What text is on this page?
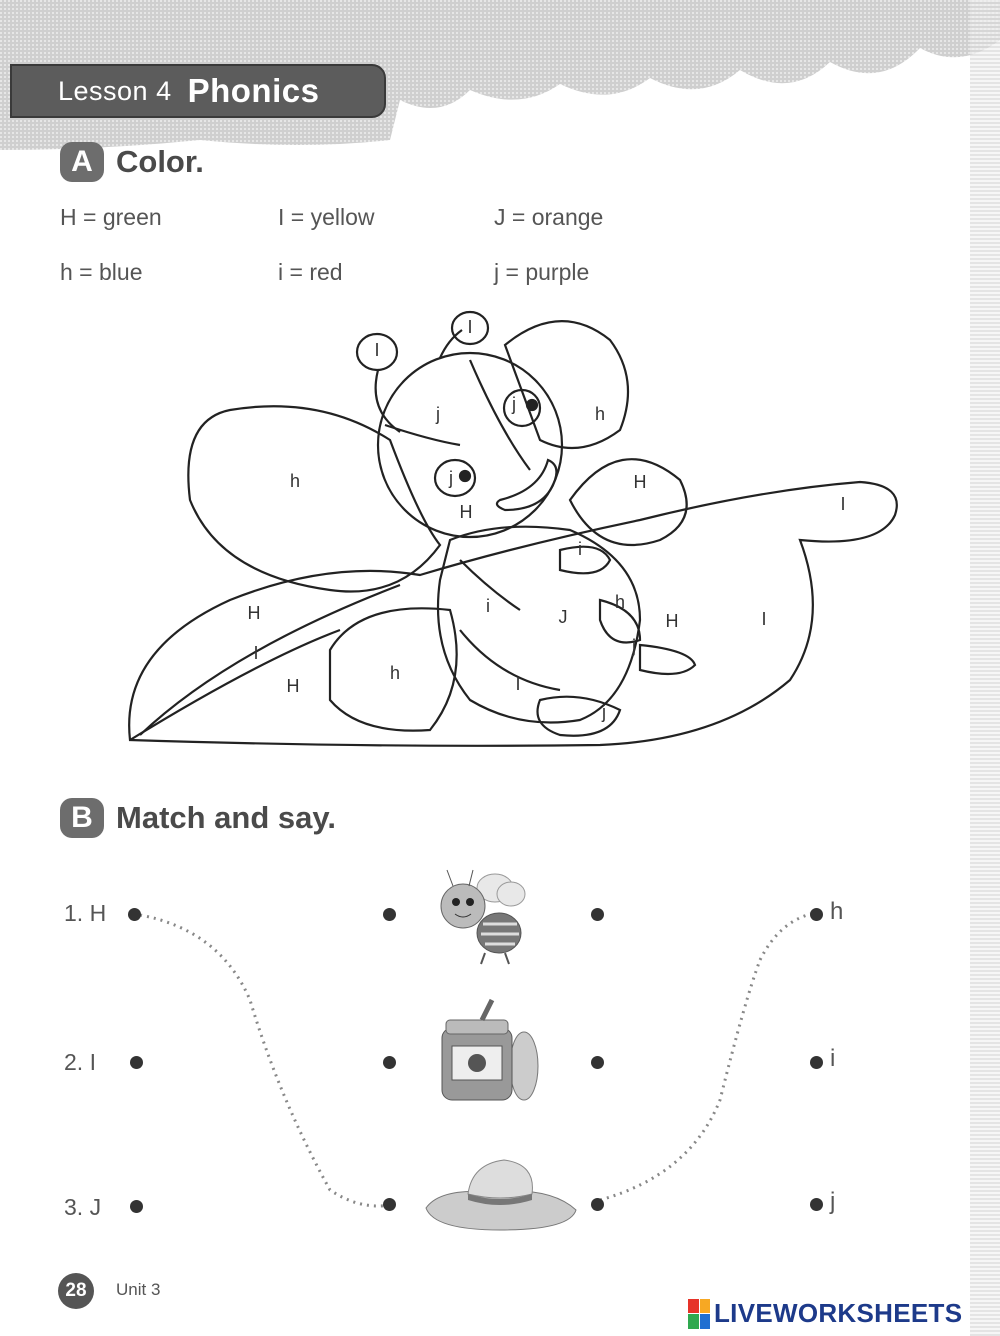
Lesson 4 Phonics
A Color.
H = green	I = yellow	J = orange
h = blue	i = red	j = purple
I
I
j	j	h
h	j
H
H
I
i
H
I
i
J
h
H	I
j
H
h
I
j
B Match and say.
1. H	h
2. I	i
3. J	j
28	Unit 3
LIVEWORKSHEETS
